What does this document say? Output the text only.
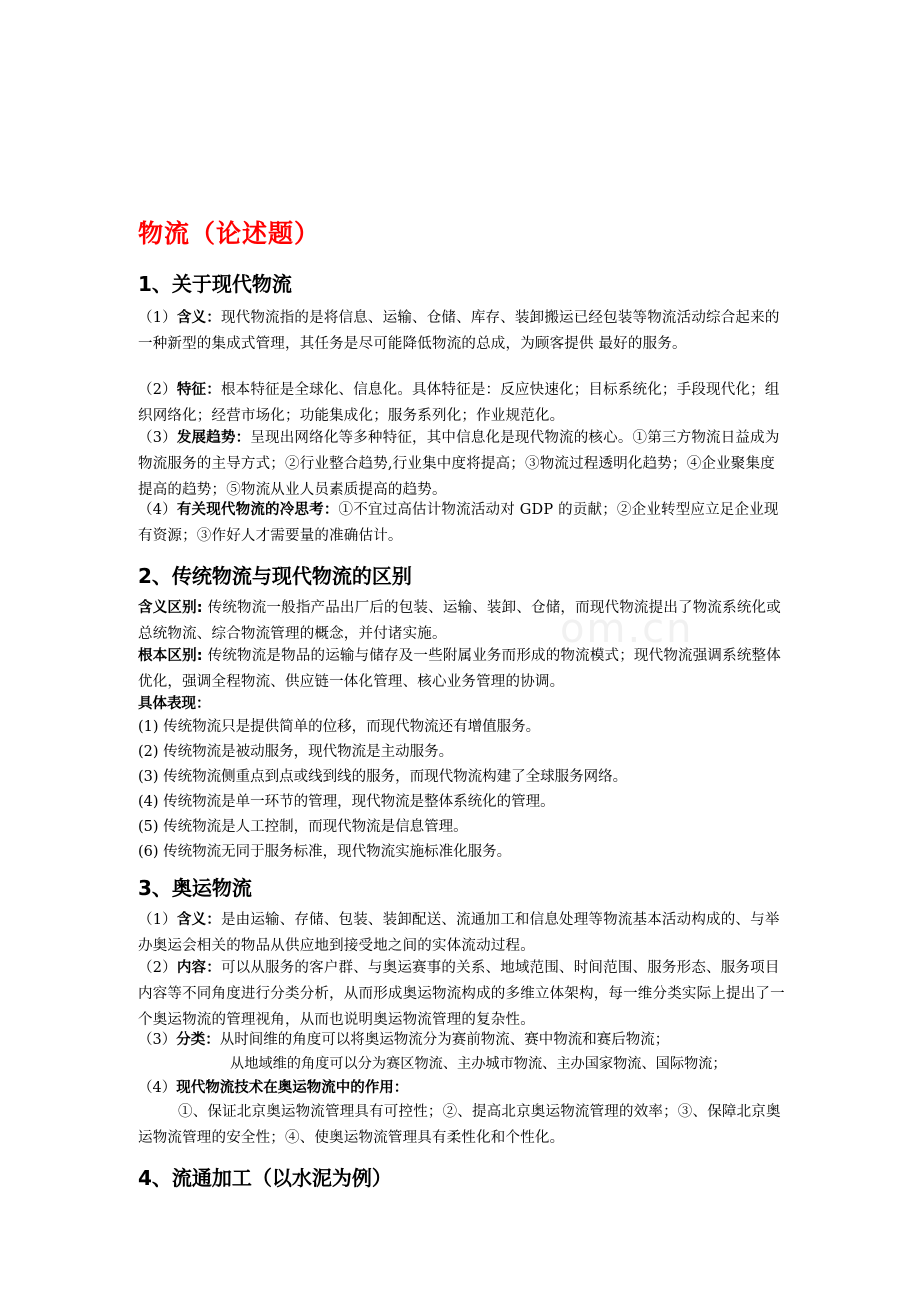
om.cn
物流（论述题）
1、关于现代物流
（1）含义：现代物流指的是将信息、运输、仓储、库存、装卸搬运已经包装等物流活动综合起来的一种新型的集成式管理，其任务是尽可能降低物流的总成，为顾客提供 最好的服务。
（2）特征：根本特征是全球化、信息化。具体特征是：反应快速化；目标系统化；手段现代化；组织网络化；经营市场化；功能集成化；服务系列化；作业规范化。
（3）发展趋势：呈现出网络化等多种特征，其中信息化是现代物流的核心。①第三方物流日益成为物流服务的主导方式；②行业整合趋势,行业集中度将提高；③物流过程透明化趋势；④企业聚集度提高的趋势；⑤物流从业人员素质提高的趋势。
（4）有关现代物流的冷思考：①不宜过高估计物流活动对 GDP 的贡献；②企业转型应立足企业现有资源；③作好人才需要量的准确估计。
2、传统物流与现代物流的区别
含义区别: 传统物流一般指产品出厂后的包装、运输、装卸、仓储，而现代物流提出了物流系统化或总统物流、综合物流管理的概念，并付诸实施。
根本区别: 传统物流是物品的运输与储存及一些附属业务而形成的物流模式；现代物流强调系统整体优化，强调全程物流、供应链一体化管理、核心业务管理的协调。
具体表现：
(1) 传统物流只是提供简单的位移，而现代物流还有增值服务。
(2) 传统物流是被动服务，现代物流是主动服务。
(3) 传统物流侧重点到点或线到线的服务，而现代物流构建了全球服务网络。
(4) 传统物流是单一环节的管理，现代物流是整体系统化的管理。
(5) 传统物流是人工控制，而现代物流是信息管理。
(6) 传统物流无同于服务标准，现代物流实施标准化服务。
3、奥运物流
（1）含义：是由运输、存储、包装、装卸配送、流通加工和信息处理等物流基本活动构成的、与举办奥运会相关的物品从供应地到接受地之间的实体流动过程。
（2）内容：可以从服务的客户群、与奥运赛事的关系、地域范围、时间范围、服务形态、服务项目内容等不同角度进行分类分析，从而形成奥运物流构成的多维立体架构，每一维分类实际上提出了一个奥运物流的管理视角，从而也说明奥运物流管理的复杂性。
（3）分类：从时间维的角度可以将奥运物流分为赛前物流、赛中物流和赛后物流；
从地域维的角度可以分为赛区物流、主办城市物流、主办国家物流、国际物流；
（4）现代物流技术在奥运物流中的作用：
①、保证北京奥运物流管理具有可控性；②、提高北京奥运物流管理的效率；③、保障北京奥运物流管理的安全性；④、使奥运物流管理具有柔性化和个性化。
4、流通加工（以水泥为例）
